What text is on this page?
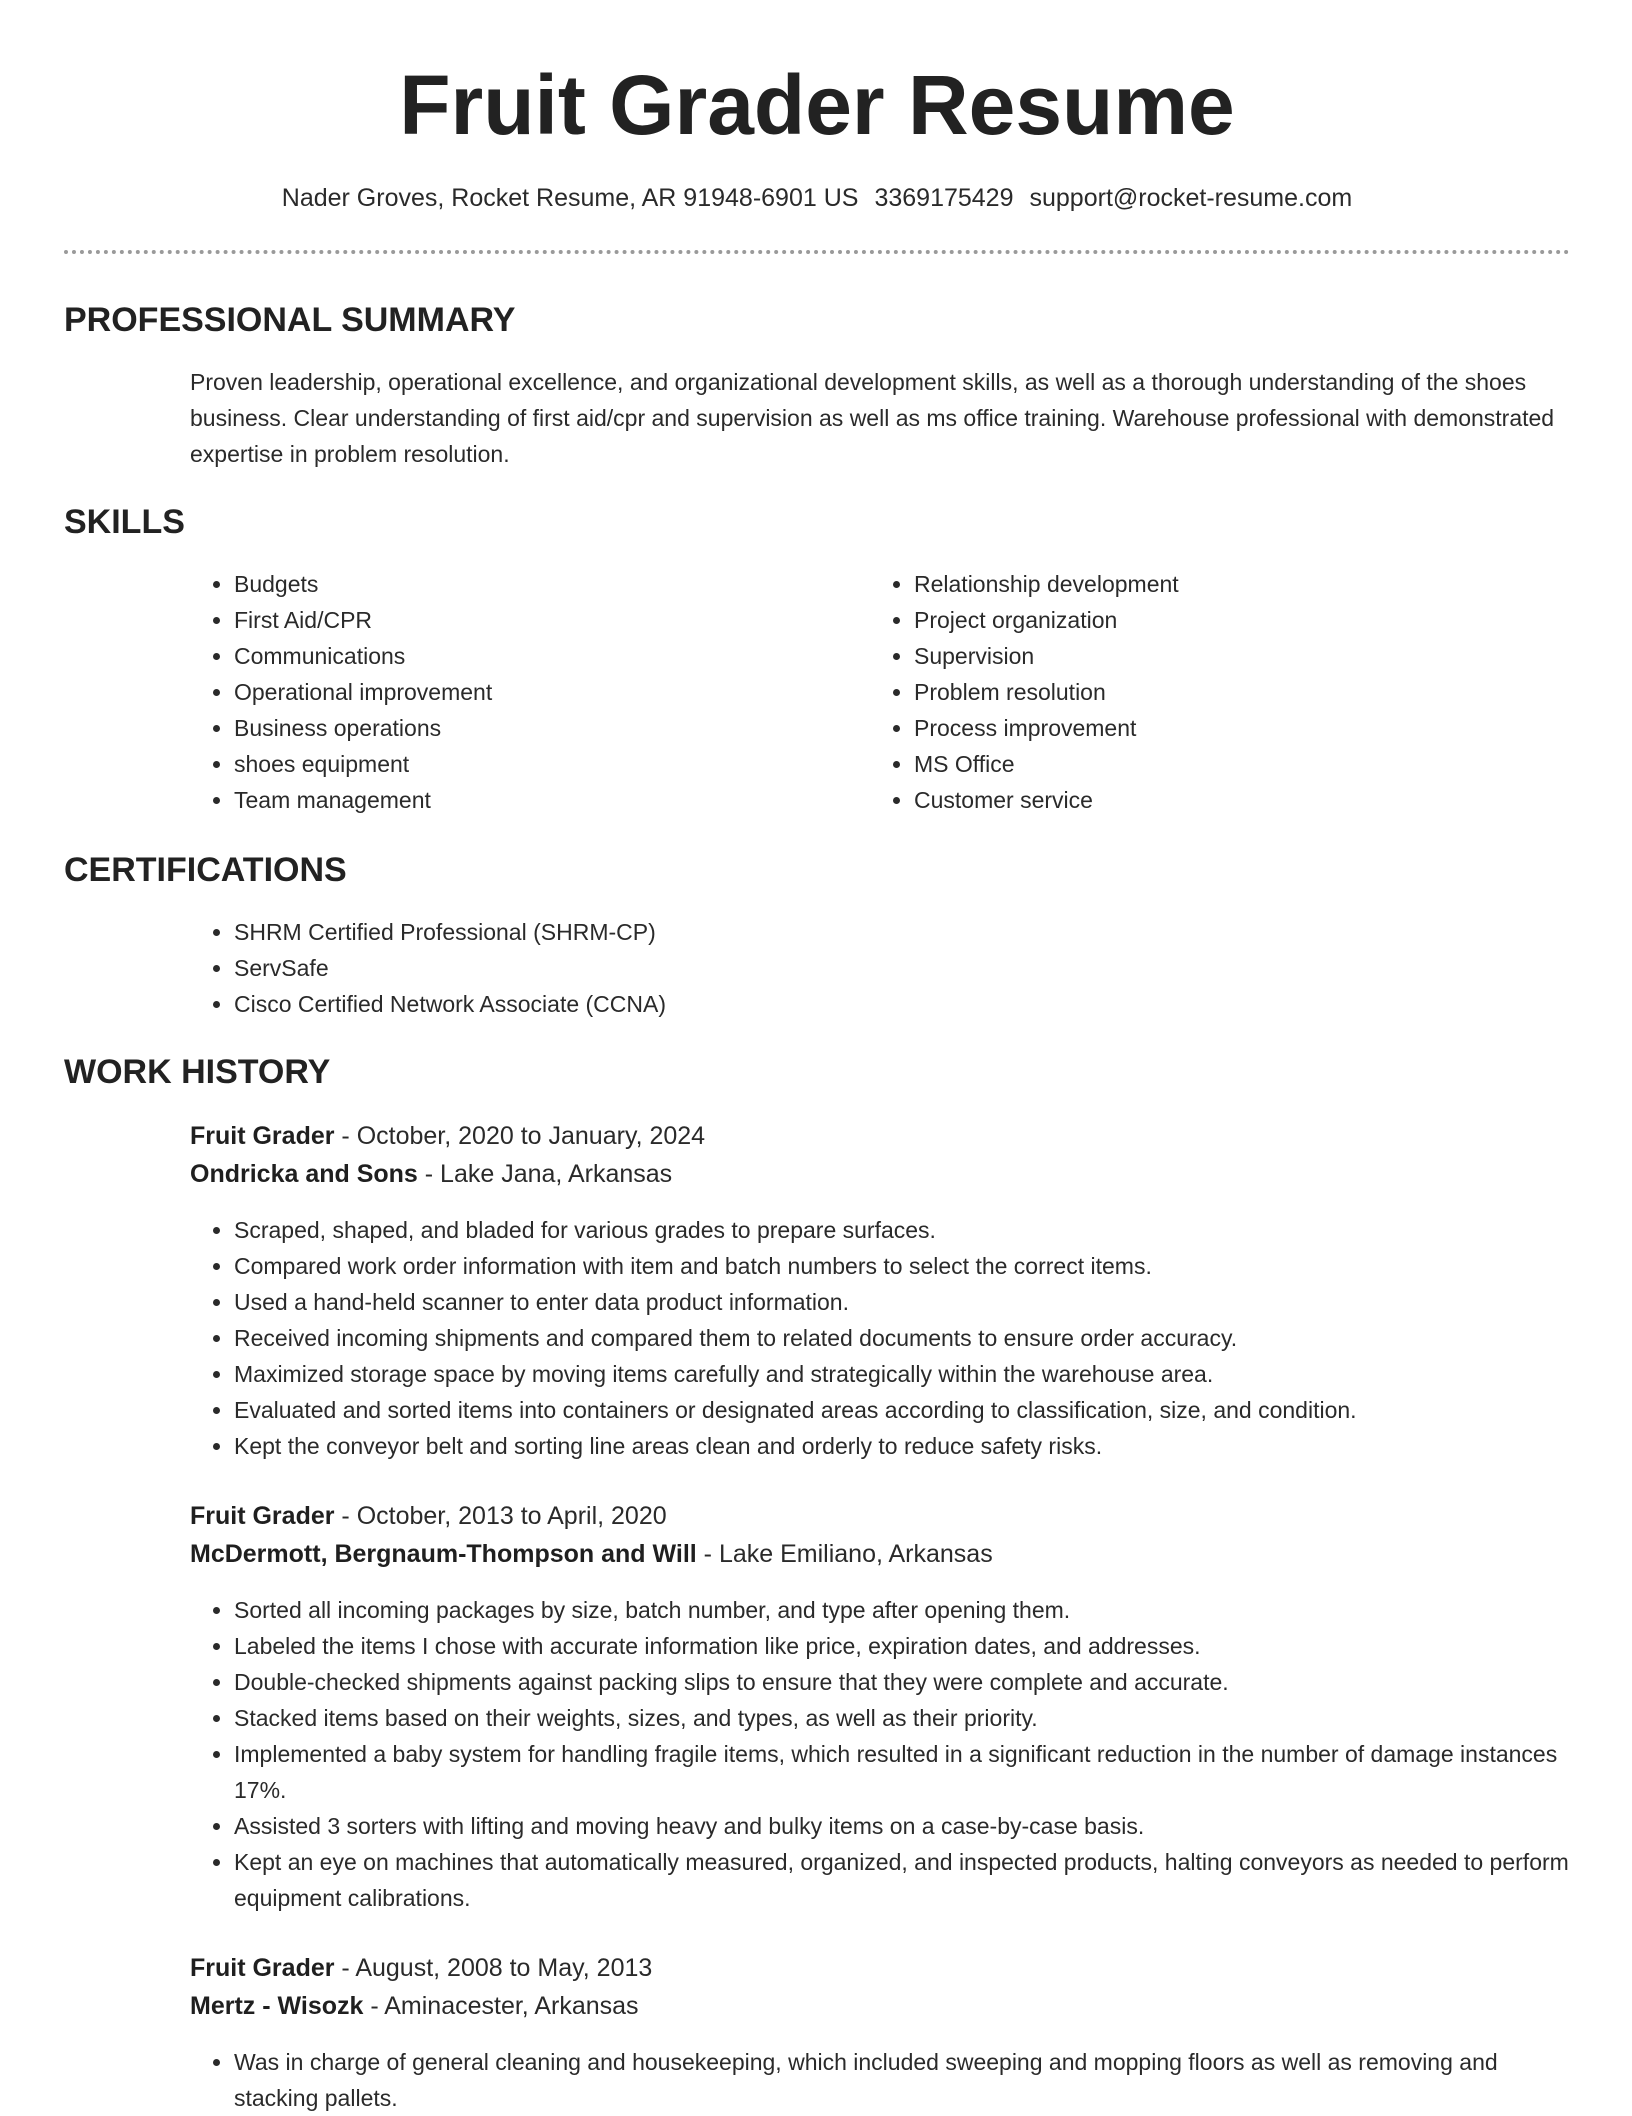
Fruit Grader Resume
Nader Groves, Rocket Resume, AR 91948-6901 US 3369175429 support@rocket-resume.com
PROFESSIONAL SUMMARY

Proven leadership, operational excellence, and organizational development skills, as well as a thorough understanding of the shoes business. Clear understanding of first aid/cpr and supervision as well as ms office training. Warehouse professional with demonstrated expertise in problem resolution.

SKILLS
• Budgets
• First Aid/CPR
• Communications
• Operational improvement
• Business operations
• shoes equipment
• Team management
• Relationship development
• Project organization
• Supervision
• Problem resolution
• Process improvement
• MS Office
• Customer service
CERTIFICATIONS
• SHRM Certified Professional (SHRM-CP)
• ServSafe
• Cisco Certified Network Associate (CCNA)
WORK HISTORY
Fruit Grader - October, 2020 to January, 2024
Ondricka and Sons - Lake Jana, Arkansas
• Scraped, shaped, and bladed for various grades to prepare surfaces.
• Compared work order information with item and batch numbers to select the correct items.
• Used a hand-held scanner to enter data product information.
• Received incoming shipments and compared them to related documents to ensure order accuracy.
• Maximized storage space by moving items carefully and strategically within the warehouse area.
• Evaluated and sorted items into containers or designated areas according to classification, size, and condition.
• Kept the conveyor belt and sorting line areas clean and orderly to reduce safety risks.
Fruit Grader - October, 2013 to April, 2020
McDermott, Bergnaum-Thompson and Will - Lake Emiliano, Arkansas
• Sorted all incoming packages by size, batch number, and type after opening them.
• Labeled the items I chose with accurate information like price, expiration dates, and addresses.
• Double-checked shipments against packing slips to ensure that they were complete and accurate.
• Stacked items based on their weights, sizes, and types, as well as their priority.
• Implemented a baby system for handling fragile items, which resulted in a significant reduction in the number of damage instances 17%.
• Assisted 3 sorters with lifting and moving heavy and bulky items on a case-by-case basis.
• Kept an eye on machines that automatically measured, organized, and inspected products, halting conveyors as needed to perform equipment calibrations.
Fruit Grader - August, 2008 to May, 2013
Mertz - Wisozk - Aminacester, Arkansas
• Was in charge of general cleaning and housekeeping, which included sweeping and mopping floors as well as removing and stacking pallets.
